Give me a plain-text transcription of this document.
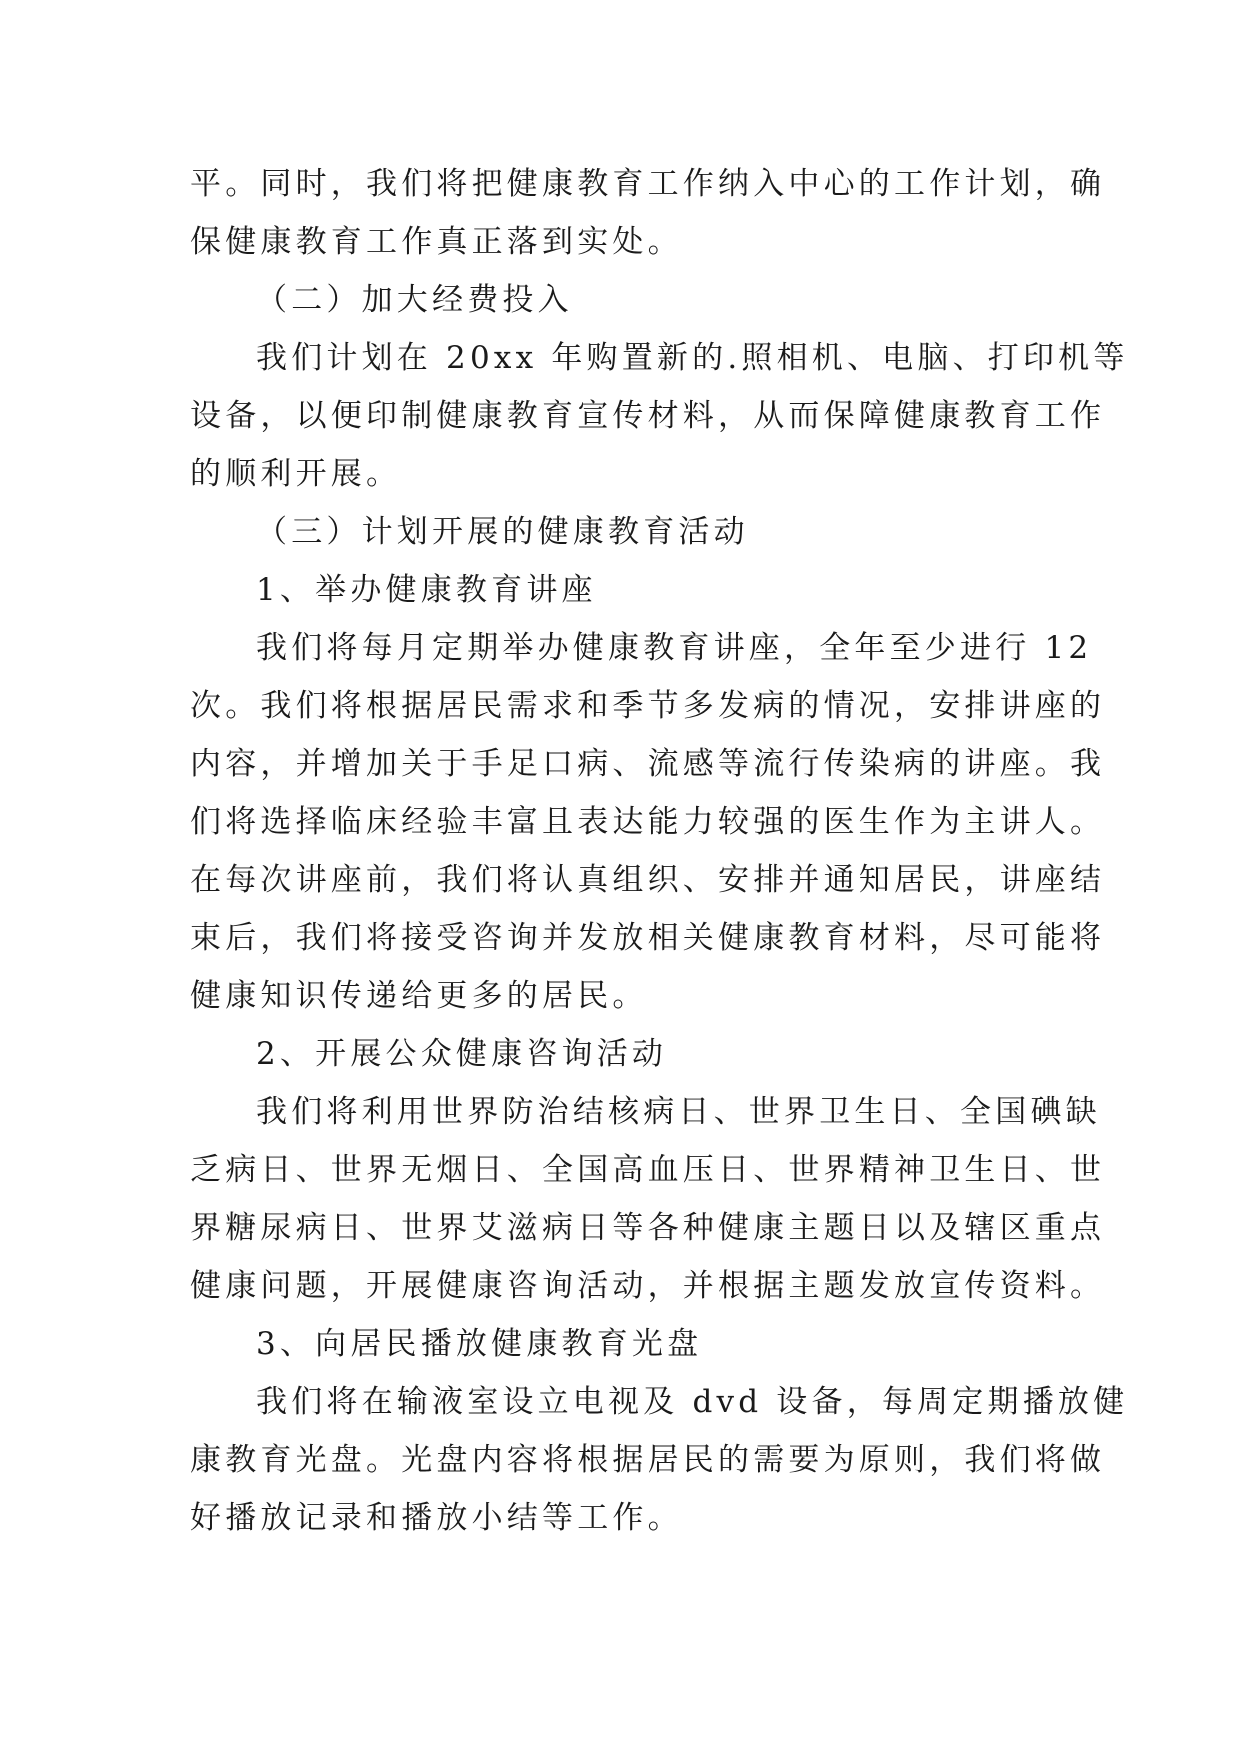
平。同时，我们将把健康教育工作纳入中心的工作计划，确
保健康教育工作真正落到实处。
（二）加大经费投入
我们计划在 20xx 年购置新的.照相机、电脑、打印机等
设备，以便印制健康教育宣传材料，从而保障健康教育工作
的顺利开展。
（三）计划开展的健康教育活动
1、举办健康教育讲座
我们将每月定期举办健康教育讲座，全年至少进行 12
次。我们将根据居民需求和季节多发病的情况，安排讲座的
内容，并增加关于手足口病、流感等流行传染病的讲座。我
们将选择临床经验丰富且表达能力较强的医生作为主讲人。
在每次讲座前，我们将认真组织、安排并通知居民，讲座结
束后，我们将接受咨询并发放相关健康教育材料，尽可能将
健康知识传递给更多的居民。
2、开展公众健康咨询活动
我们将利用世界防治结核病日、世界卫生日、全国碘缺
乏病日、世界无烟日、全国高血压日、世界精神卫生日、世
界糖尿病日、世界艾滋病日等各种健康主题日以及辖区重点
健康问题，开展健康咨询活动，并根据主题发放宣传资料。
3、向居民播放健康教育光盘
我们将在输液室设立电视及 dvd 设备，每周定期播放健
康教育光盘。光盘内容将根据居民的需要为原则，我们将做
好播放记录和播放小结等工作。
